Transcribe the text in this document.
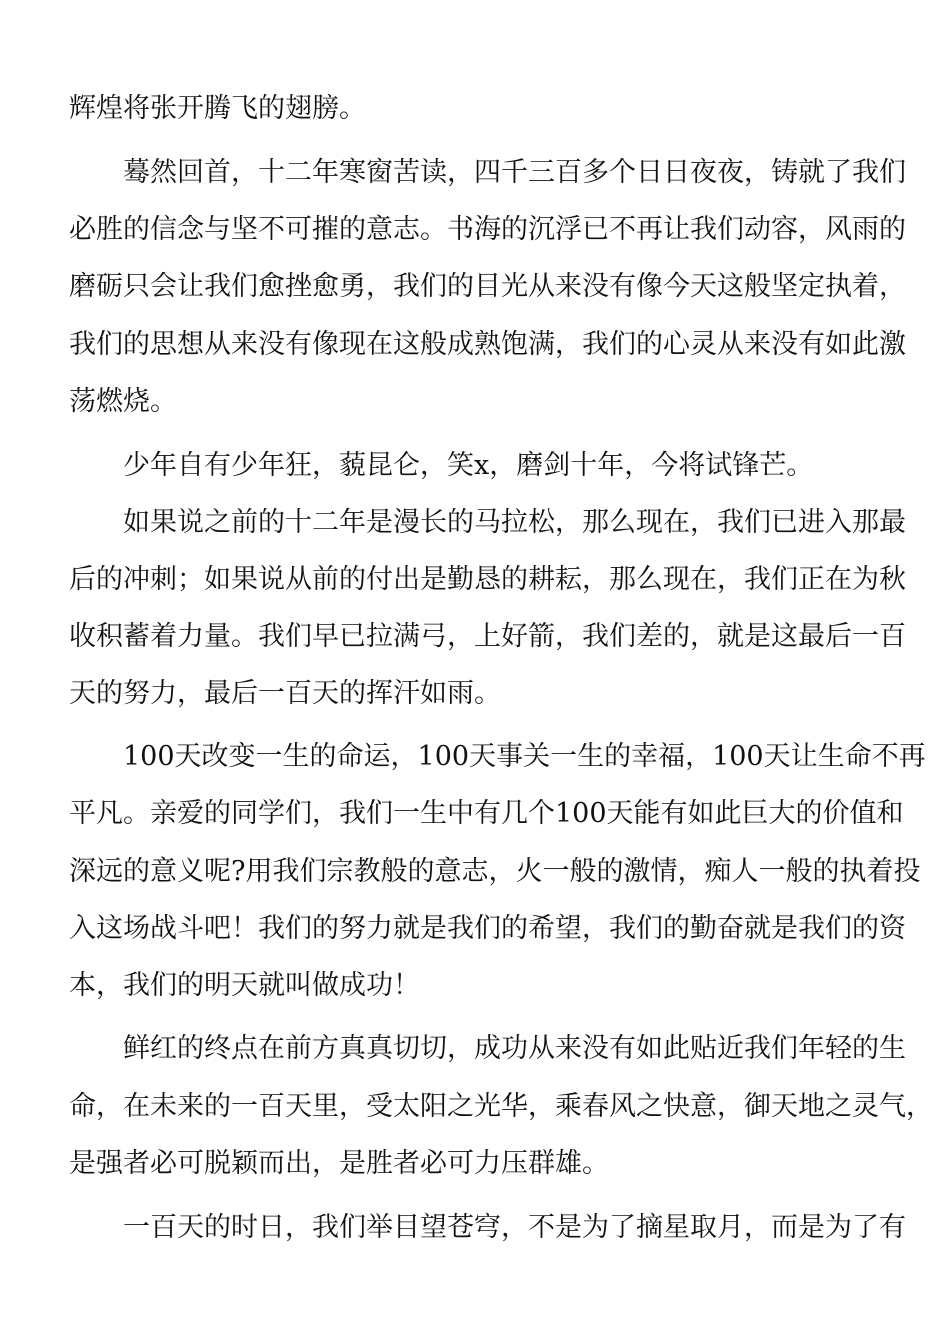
辉煌将张开腾飞的翅膀。
蓦然回首，十二年寒窗苦读，四千三百多个日日夜夜，铸就了我们
必胜的信念与坚不可摧的意志。书海的沉浮已不再让我们动容，风雨的
磨砺只会让我们愈挫愈勇，我们的目光从来没有像今天这般坚定执着，
我们的思想从来没有像现在这般成熟饱满，我们的心灵从来没有如此激
荡燃烧。
少年自有少年狂，藐昆仑，笑x，磨剑十年，今将试锋芒。
如果说之前的十二年是漫长的马拉松，那么现在，我们已进入那最
后的冲刺；如果说从前的付出是勤恳的耕耘，那么现在，我们正在为秋
收积蓄着力量。我们早已拉满弓，上好箭，我们差的，就是这最后一百
天的努力，最后一百天的挥汗如雨。
100天改变一生的命运，100天事关一生的幸福，100天让生命不再
平凡。亲爱的同学们，我们一生中有几个100天能有如此巨大的价值和
深远的意义呢?用我们宗教般的意志，火一般的激情，痴人一般的执着投
入这场战斗吧！我们的努力就是我们的希望，我们的勤奋就是我们的资
本，我们的明天就叫做成功！
鲜红的终点在前方真真切切，成功从来没有如此贴近我们年轻的生
命，在未来的一百天里，受太阳之光华，乘春风之快意，御天地之灵气，
是强者必可脱颖而出，是胜者必可力压群雄。
一百天的时日，我们举目望苍穹，不是为了摘星取月，而是为了有
